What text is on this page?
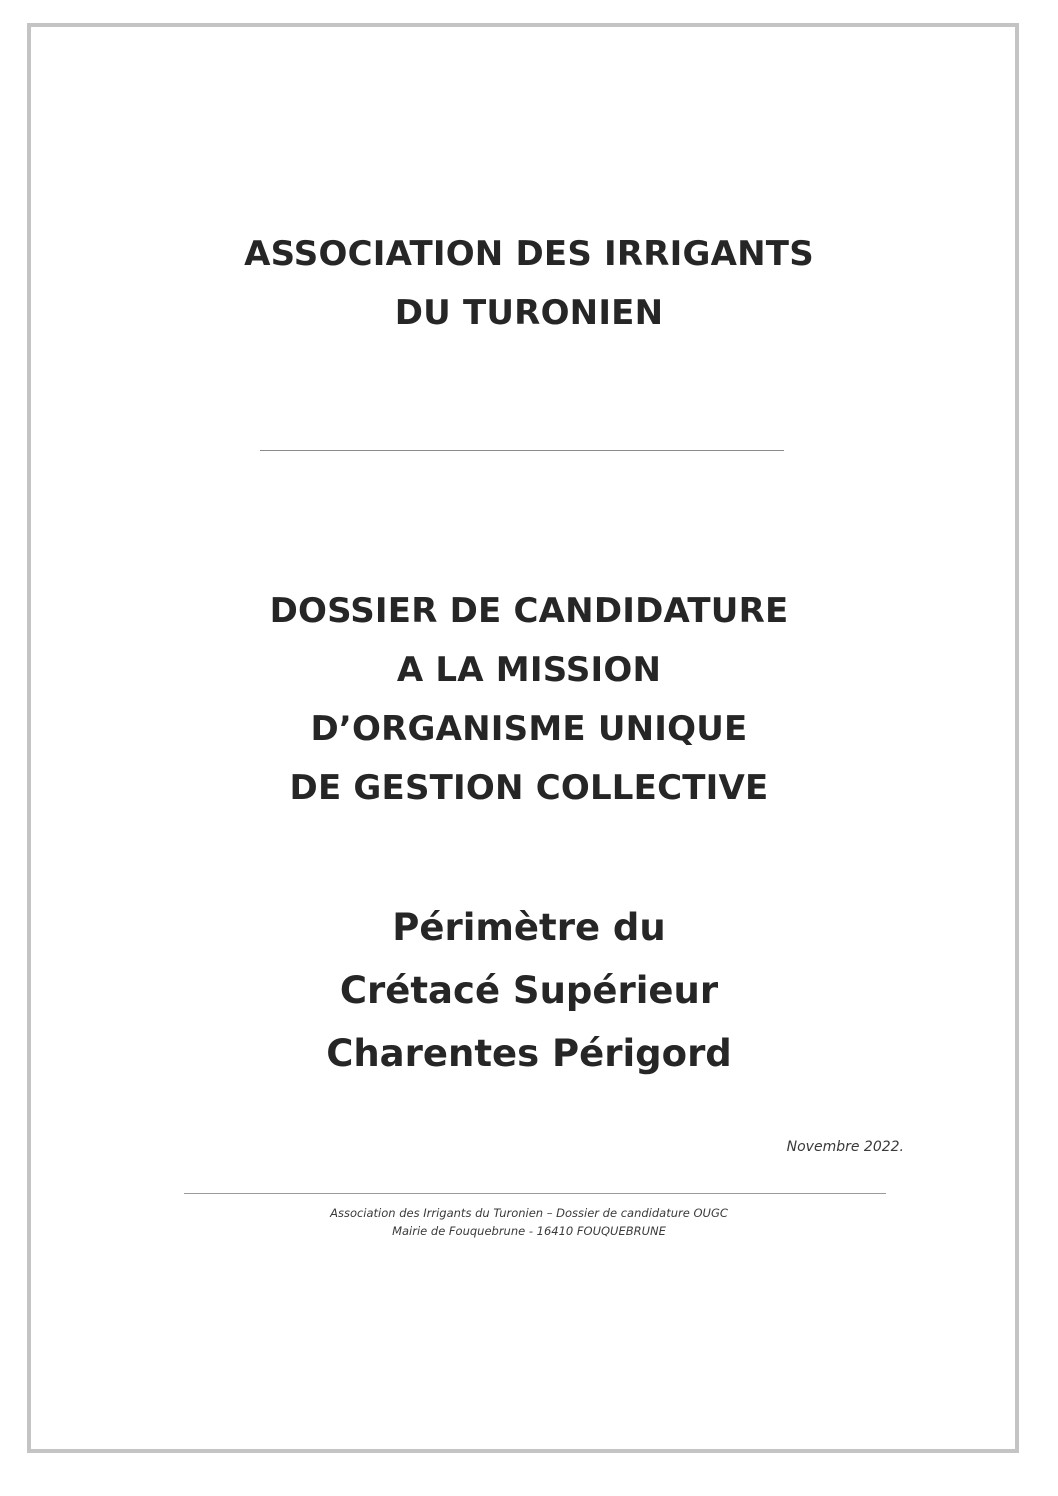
ASSOCIATION DES IRRIGANTS
DU TURONIEN
DOSSIER DE CANDIDATURE
A LA MISSION
D’ORGANISME UNIQUE
DE GESTION COLLECTIVE
Périmètre du
Crétacé Supérieur
Charentes Périgord
Novembre 2022.
Association des Irrigants du Turonien – Dossier de candidature OUGC
Mairie de Fouquebrune - 16410 FOUQUEBRUNE
